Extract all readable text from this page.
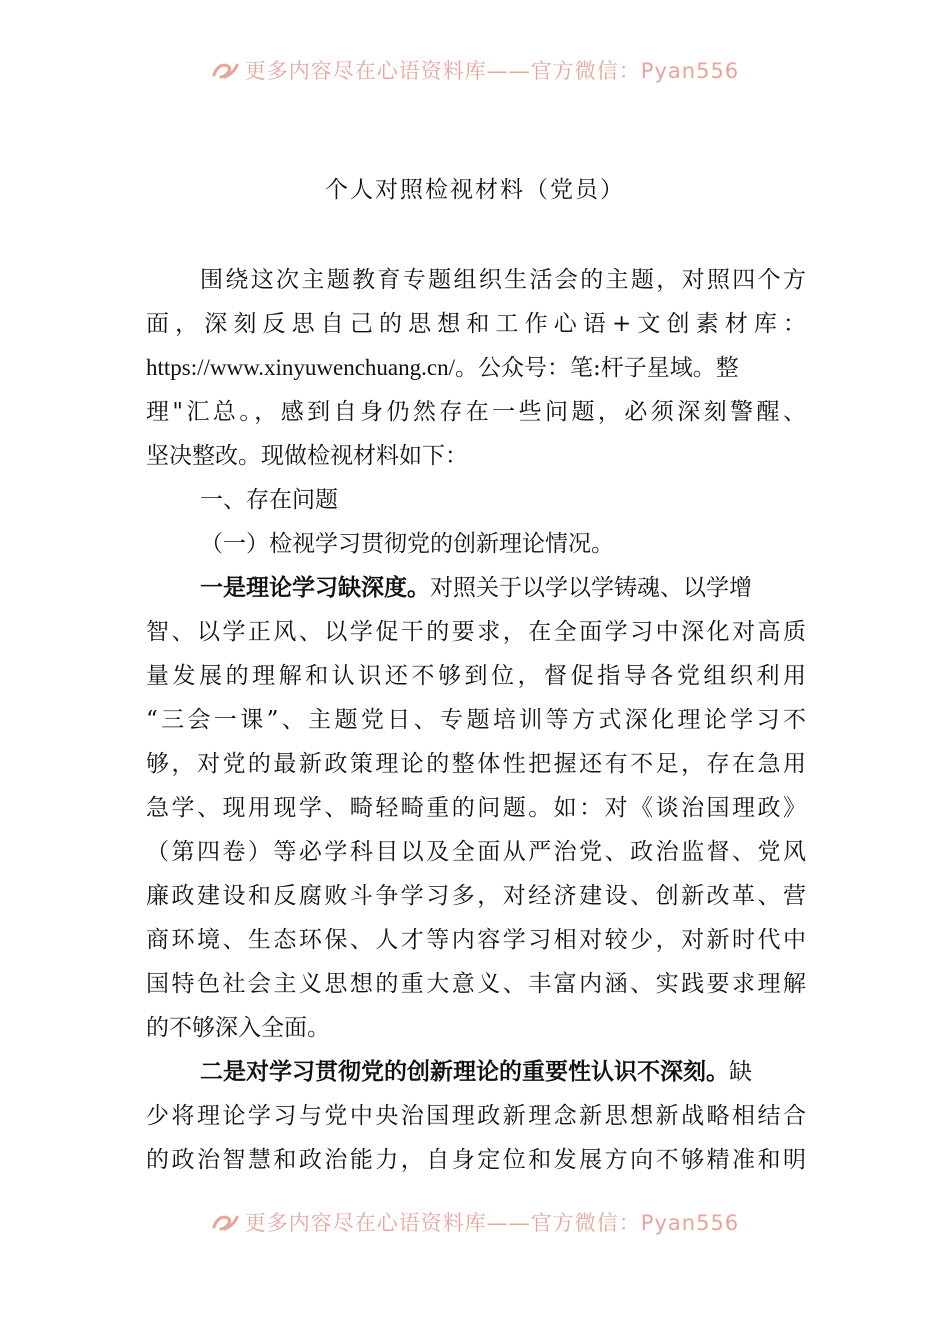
更多内容尽在心语资料库——官方微信：Pyan556
个人对照检视材料（党员）
围绕这次主题教育专题组织生活会的主题，对照四个方
面，深刻反思自己的思想和工作心语+文创素材库：
https://www.xinyuwenchuang.cn/。公众号：笔:杆子星域。整
理"汇总。，感到自身仍然存在一些问题，必须深刻警醒、
坚决整改。现做检视材料如下：
一、存在问题
（一）检视学习贯彻党的创新理论情况。
一是理论学习缺深度。对照关于以学以学铸魂、以学增
智、以学正风、以学促干的要求，在全面学习中深化对高质
量发展的理解和认识还不够到位，督促指导各党组织利用
“三会一课”、主题党日、专题培训等方式深化理论学习不
够，对党的最新政策理论的整体性把握还有不足，存在急用
急学、现用现学、畸轻畸重的问题。如：对《谈治国理政》
（第四卷）等必学科目以及全面从严治党、政治监督、党风
廉政建设和反腐败斗争学习多，对经济建设、创新改革、营
商环境、生态环保、人才等内容学习相对较少，对新时代中
国特色社会主义思想的重大意义、丰富内涵、实践要求理解
的不够深入全面。
二是对学习贯彻党的创新理论的重要性认识不深刻。缺
少将理论学习与党中央治国理政新理念新思想新战略相结合
的政治智慧和政治能力，自身定位和发展方向不够精准和明
更多内容尽在心语资料库——官方微信：Pyan556
